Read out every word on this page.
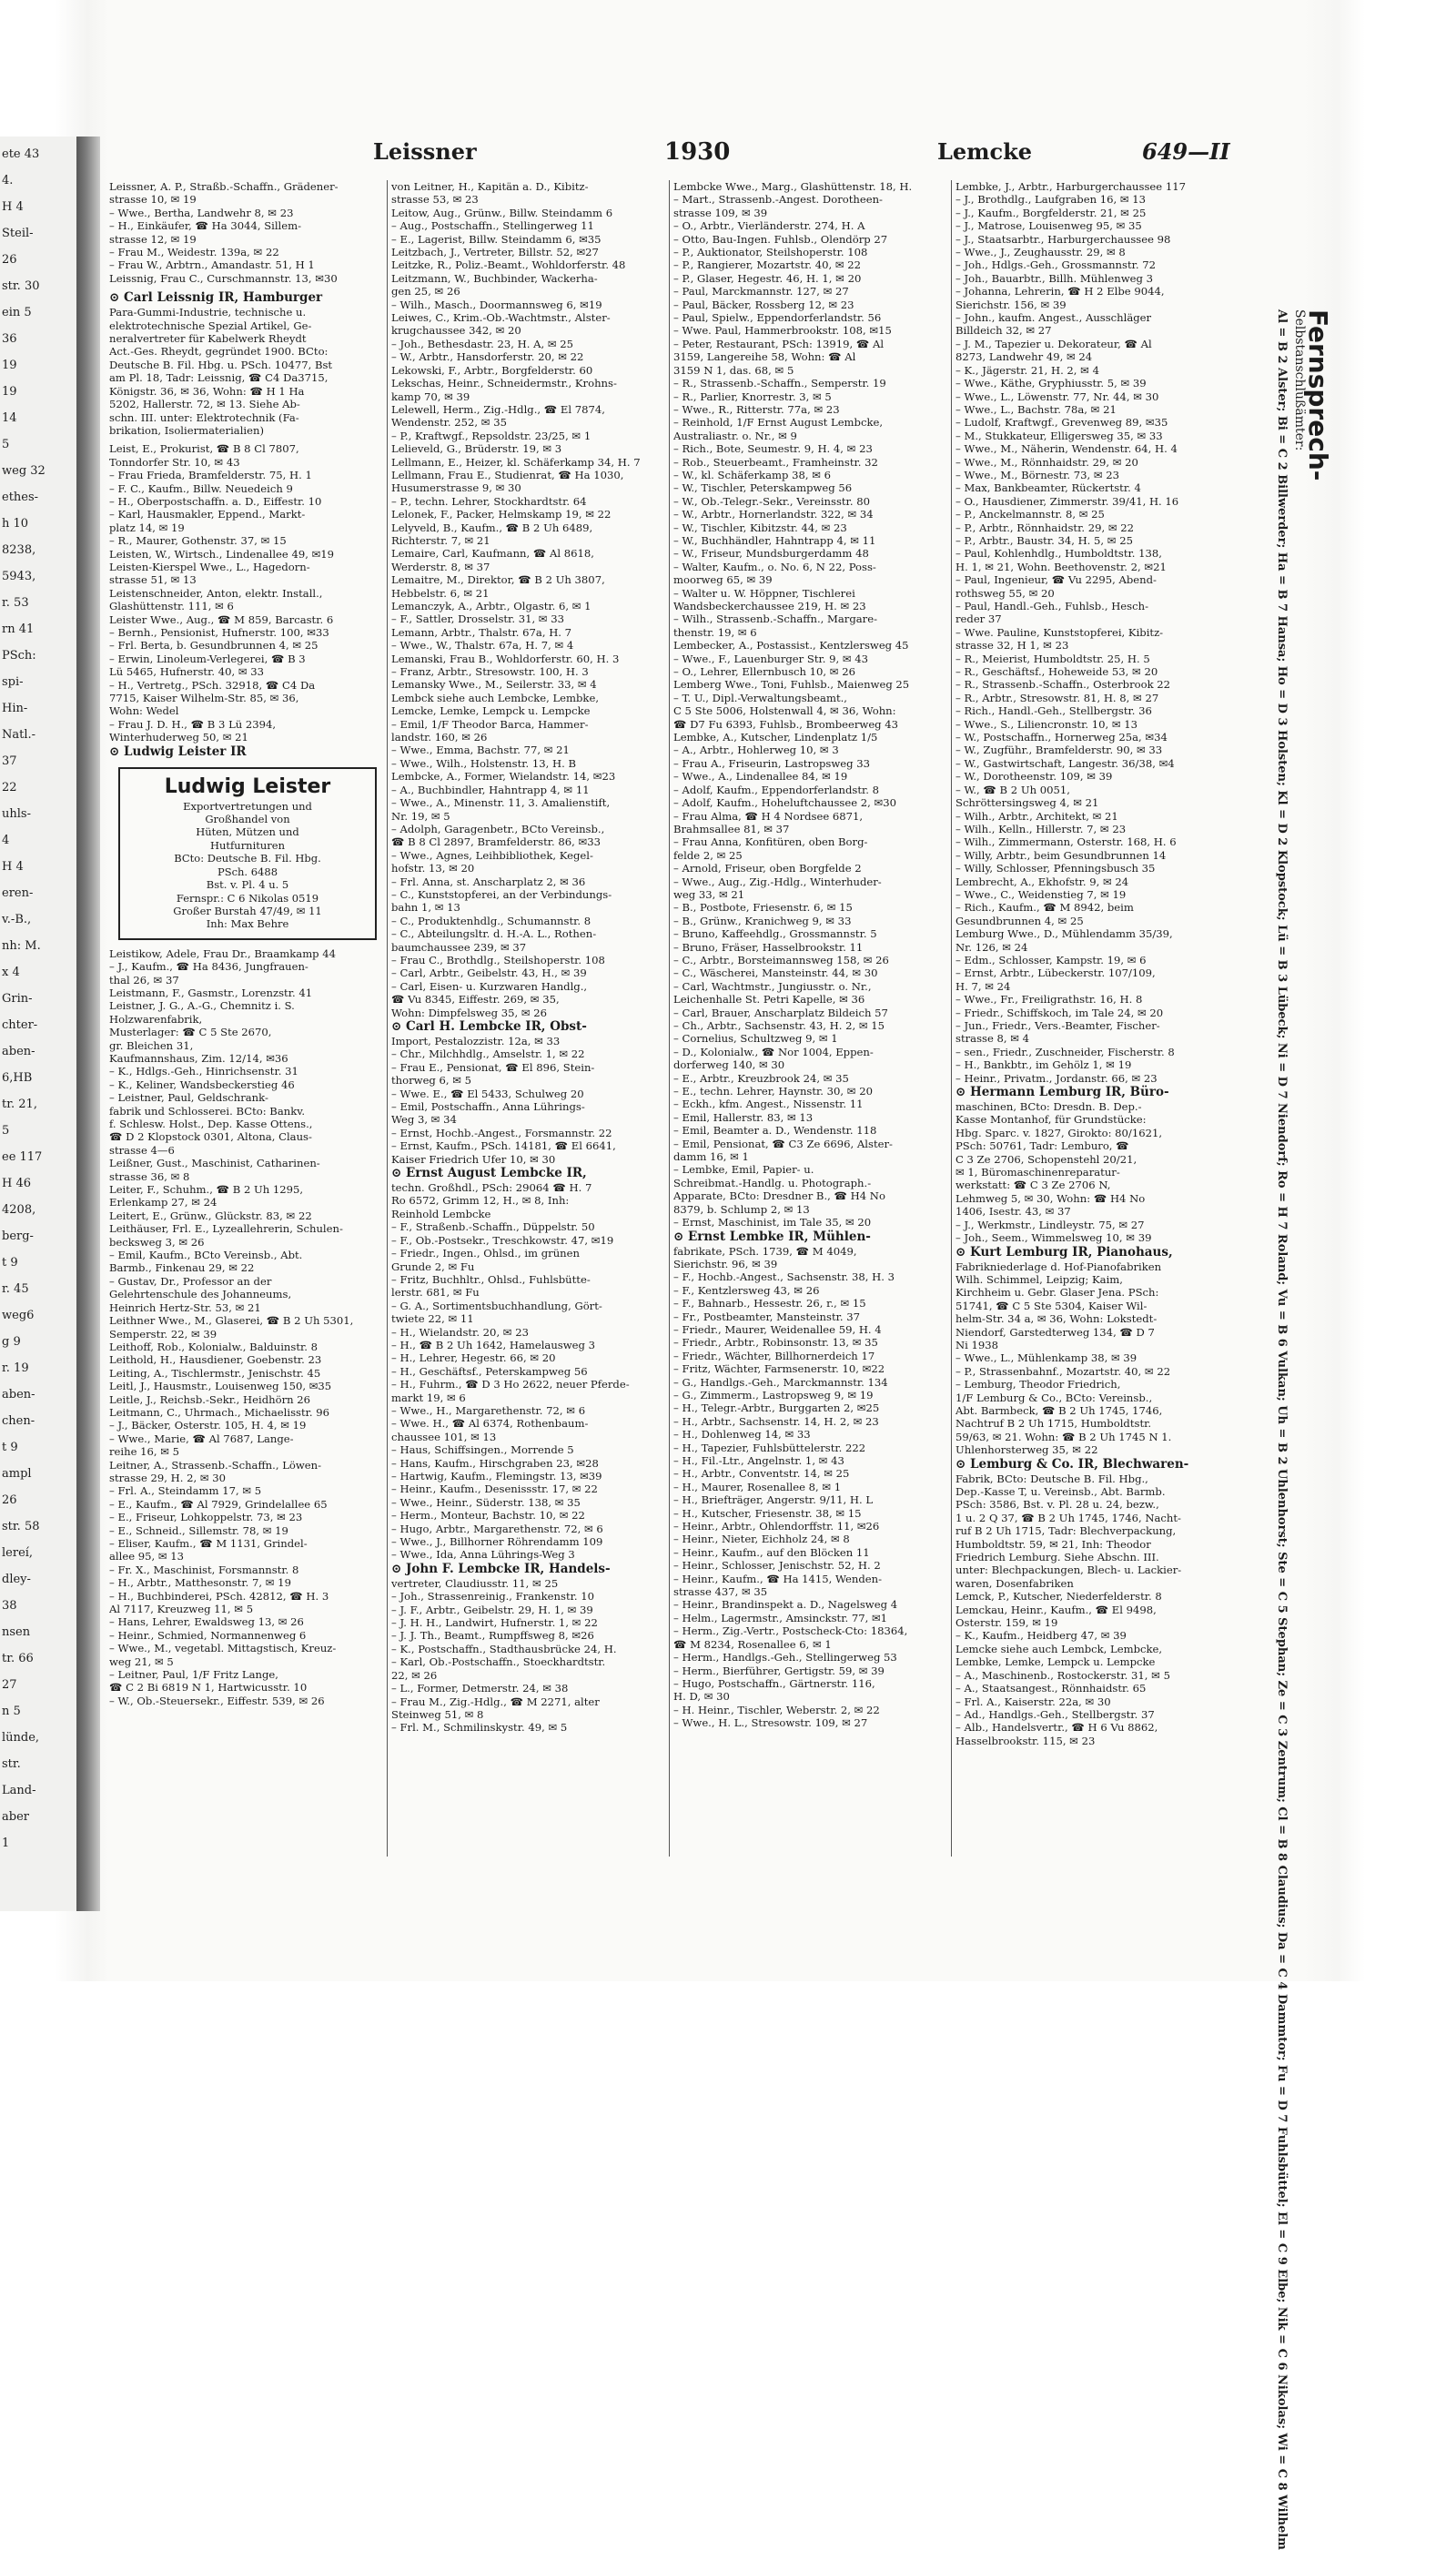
ete 43
4.
H 4
Steil-
26
str. 30
ein 5
36
19
19
14
5
weg 32
ethes-
h 10
8238,
5943,
r. 53
rn 41
PSch:
spi-
Hin-
Natl.-
37
22
uhls-
4
H 4
eren-
v.-B.,
nh: M.
x 4
Grin-
chter-
aben-
6,HB
tr. 21,
5
ee 117
H 46
4208,
berg-
t 9
r. 45
weg6
g 9
r. 19
aben-
chen-
t 9
ampl
26
str. 58
lereí,
dley-
38
nsen
tr. 66
27
n 5
lünde,
str.
Land-
aber
1
Leissner	1930	Lemcke	649—II
Leissner, A. P., Straßb.-Schaffn., Grädener-
strasse 10, ✉ 19
– Wwe., Bertha, Landwehr 8, ✉ 23
– H., Einkäufer, ☎ Ha 3044, Sillem-
strasse 12, ✉ 19
– Frau M., Weidestr. 139a, ✉ 22
– Frau W., Arbtrn., Amandastr. 51, H 1
Leissnig, Frau C., Curschmannstr. 13, ✉30
⊙ Carl Leissnig IR, Hamburger
Para-Gummi-Industrie, technische u.
elektrotechnische Spezial Artikel, Ge-
neralvertreter für Kabelwerk Rheydt
Act.-Ges. Rheydt, gegründet 1900. BCto:
Deutsche B. Fil. Hbg. u. PSch. 10477, Bst
am Pl. 18, Tadr: Leissnig, ☎ C4 Da3715,
Königstr. 36, ✉ 36, Wohn: ☎ H 1 Ha
5202, Hallerstr. 72, ✉ 13. Siehe Ab-
schn. III. unter: Elektrotechnik (Fa-
brikation, Isoliermaterialien)
Leist, E., Prokurist, ☎ B 8 Cl 7807,
Tonndorfer Str. 10, ✉ 43
– Frau Frieda, Bramfelderstr. 75, H. 1
– F. C., Kaufm., Billw. Neuedeich 9
– H., Oberpostschaffn. a. D., Eiffestr. 10
– Karl, Hausmakler, Eppend., Markt-
platz 14, ✉ 19
– R., Maurer, Gothenstr. 37, ✉ 15
Leisten, W., Wirtsch., Lindenallee 49, ✉19
Leisten-Kierspel Wwe., L., Hagedorn-
strasse 51, ✉ 13
Leistenschneider, Anton, elektr. Install.,
Glashüttenstr. 111, ✉ 6
Leister Wwe., Aug., ☎ M 859, Barcastr. 6
– Bernh., Pensionist, Hufnerstr. 100, ✉33
– Frl. Berta, b. Gesundbrunnen 4, ✉ 25
– Erwin, Linoleum-Verlegerei, ☎ B 3
Lü 5465, Hufnerstr. 40, ✉ 33
– H., Vertretg., PSch. 32918, ☎ C4 Da
7715, Kaiser Wilhelm-Str. 85, ✉ 36,
Wohn: Wedel
– Frau J. D. H., ☎ B 3 Lü 2394,
Winterhuderweg 50, ✉ 21
⊙ Ludwig Leister IR
Ludwig Leister
Exportvertretungen und
Großhandel von
Hüten, Mützen und
Hutfurnituren
BCto: Deutsche B. Fil. Hbg.
PSch. 6488
Bst. v. Pl. 4 u. 5
Fernspr.: C 6 Nikolas 0519
Großer Burstah 47/49, ✉ 11
Inh: Max Behre
Leistikow, Adele, Frau Dr., Braamkamp 44
– J., Kaufm., ☎ Ha 8436, Jungfrauen-
thal 26, ✉ 37
Leistmann, F., Gasmstr., Lorenzstr. 41
Leistner, J. G., A.-G., Chemnitz i. S.
Holzwarenfabrik,
Musterlager: ☎ C 5 Ste 2670,
gr. Bleichen 31,
Kaufmannshaus, Zim. 12/14, ✉36
– K., Hdlgs.-Geh., Hinrichsenstr. 31
– K., Keliner, Wandsbeckerstieg 46
– Leistner, Paul, Geldschrank-
fabrik und Schlosserei. BCto: Bankv.
f. Schlesw. Holst., Dep. Kasse Ottens.,
☎ D 2 Klopstock 0301, Altona, Claus-
strasse 4—6
Leißner, Gust., Maschinist, Catharinen-
strasse 36, ✉ 8
Leiter, F., Schuhm., ☎ B 2 Uh 1295,
Erlenkamp 27, ✉ 24
Leitert, E., Grünw., Glückstr. 83, ✉ 22
Leithäuser, Frl. E., Lyzeallehrerin, Schulen-
becksweg 3, ✉ 26
– Emil, Kaufm., BCto Vereinsb., Abt.
Barmb., Finkenau 29, ✉ 22
– Gustav, Dr., Professor an der
Gelehrtenschule des Johanneums,
Heinrich Hertz-Str. 53, ✉ 21
Leithner Wwe., M., Glaserei, ☎ B 2 Uh 5301,
Semperstr. 22, ✉ 39
Leithoff, Rob., Kolonialw., Balduinstr. 8
Leithold, H., Hausdiener, Goebenstr. 23
Leiting, A., Tischlermstr., Jenischstr. 45
Leitl, J., Hausmstr., Louisenweg 150, ✉35
Leitle, J., Reichsb.-Sekr., Heidhörn 26
Leitmann, C., Uhrmach., Michaelisstr. 96
– J., Bäcker, Osterstr. 105, H. 4, ✉ 19
– Wwe., Marie, ☎ Al 7687, Lange-
reihe 16, ✉ 5
Leitner, A., Strassenb.-Schaffn., Löwen-
strasse 29, H. 2, ✉ 30
– Frl. A., Steindamm 17, ✉ 5
– E., Kaufm., ☎ Al 7929, Grindelallee 65
– E., Friseur, Lohkoppelstr. 73, ✉ 23
– E., Schneid., Sillemstr. 78, ✉ 19
– Eliser, Kaufm., ☎ M 1131, Grindel-
allee 95, ✉ 13
– Fr. X., Maschinist, Forsmannstr. 8
– H., Arbtr., Matthesonstr. 7, ✉ 19
– H., Buchbinderei, PSch. 42812, ☎ H. 3
Al 7117, Kreuzweg 11, ✉ 5
– Hans, Lehrer, Ewaldsweg 13, ✉ 26
– Heinr., Schmied, Normannenweg 6
– Wwe., M., vegetabl. Mittagstisch, Kreuz-
weg 21, ✉ 5
– Leitner, Paul, 1/F Fritz Lange,
☎ C 2 Bi 6819 N 1, Hartwicusstr. 10
– W., Ob.-Steuersekr., Eiffestr. 539, ✉ 26
von Leitner, H., Kapitän a. D., Kibitz-
strasse 53, ✉ 23
Leitow, Aug., Grünw., Billw. Steindamm 6
– Aug., Postschaffn., Stellingerweg 11
– E., Lagerist, Billw. Steindamm 6, ✉35
Leitzbach, J., Vertreter, Billstr. 52, ✉27
Leitzke, R., Poliz.-Beamt., Wohldorferstr. 48
Leitzmann, W., Buchbinder, Wackerha-
gen 25, ✉ 26
– Wilh., Masch., Doormannsweg 6, ✉19
Leiwes, C., Krim.-Ob.-Wachtmstr., Alster-
krugchaussee 342, ✉ 20
– Joh., Bethesdastr. 23, H. A, ✉ 25
– W., Arbtr., Hansdorferstr. 20, ✉ 22
Lekowski, F., Arbtr., Borgfelderstr. 60
Lekschas, Heinr., Schneidermstr., Krohns-
kamp 70, ✉ 39
Lelewell, Herm., Zig.-Hdlg., ☎ El 7874,
Wendenstr. 252, ✉ 35
– P., Kraftwgf., Repsoldstr. 23/25, ✉ 1
Lelieveld, G., Brüderstr. 19, ✉ 3
Lellmann, E., Heizer, kl. Schäferkamp 34, H. 7
Lellmann, Frau E., Studienrat, ☎ Ha 1030,
Husumerstrasse 9, ✉ 30
– P., techn. Lehrer, Stockhardtstr. 64
Lelonek, F., Packer, Helmskamp 19, ✉ 22
Lelyveld, B., Kaufm., ☎ B 2 Uh 6489,
Richterstr. 7, ✉ 21
Lemaire, Carl, Kaufmann, ☎ Al 8618,
Werderstr. 8, ✉ 37
Lemaitre, M., Direktor, ☎ B 2 Uh 3807,
Hebbelstr. 6, ✉ 21
Lemanczyk, A., Arbtr., Olgastr. 6, ✉ 1
– F., Sattler, Drosselstr. 31, ✉ 33
Lemann, Arbtr., Thalstr. 67a, H. 7
– Wwe., W., Thalstr. 67a, H. 7, ✉ 4
Lemanski, Frau B., Wohldorferstr. 60, H. 3
– Franz, Arbtr., Stresowstr. 100, H. 3
Lemansky Wwe., M., Seilerstr. 33, ✉ 4
Lembck siehe auch Lembcke, Lembke,
Lemcke, Lemke, Lempck u. Lempcke
– Emil, 1/F Theodor Barca, Hammer-
landstr. 160, ✉ 26
– Wwe., Emma, Bachstr. 77, ✉ 21
– Wwe., Wilh., Holstenstr. 13, H. B
Lembcke, A., Former, Wielandstr. 14, ✉23
– A., Buchbindler, Hahntrapp 4, ✉ 11
– Wwe., A., Minenstr. 11, 3. Amalienstift,
Nr. 19, ✉ 5
– Adolph, Garagenbetr., BCto Vereinsb.,
☎ B 8 Cl 2897, Bramfelderstr. 86, ✉33
– Wwe., Agnes, Leihbibliothek, Kegel-
hofstr. 13, ✉ 20
– Frl. Anna, st. Anscharplatz 2, ✉ 36
– C., Kunststopferei, an der Verbindungs-
bahn 1, ✉ 13
– C., Produktenhdlg., Schumannstr. 8
– C., Abteilungsltr. d. H.-A. L., Rothen-
baumchaussee 239, ✉ 37
– Frau C., Brothdlg., Steilshoperstr. 108
– Carl, Arbtr., Geibelstr. 43, H., ✉ 39
– Carl, Eisen- u. Kurzwaren Handlg.,
☎ Vu 8345, Eiffestr. 269, ✉ 35,
Wohn: Dimpfelsweg 35, ✉ 26
⊙ Carl H. Lembcke IR, Obst-
Import, Pestalozzistr. 12a, ✉ 33
– Chr., Milchhdlg., Amselstr. 1, ✉ 22
– Frau E., Pensionat, ☎ El 896, Stein-
thorweg 6, ✉ 5
– Wwe. E., ☎ El 5433, Schulweg 20
– Emil, Postschaffn., Anna Lührings-
Weg 3, ✉ 34
– Ernst, Hochb.-Angest., Forsmannstr. 22
– Ernst, Kaufm., PSch. 14181, ☎ El 6641,
Kaiser Friedrich Ufer 10, ✉ 30
⊙ Ernst August Lembcke IR,
techn. Großhdl., PSch: 29064 ☎ H. 7
Ro 6572, Grimm 12, H., ✉ 8, Inh:
Reinhold Lembcke
– F., Straßenb.-Schaffn., Düppelstr. 50
– F., Ob.-Postsekr., Treschkowstr. 47, ✉19
– Friedr., Ingen., Ohlsd., im grünen
Grunde 2, ✉ Fu
– Fritz, Buchhltr., Ohlsd., Fuhlsbütte-
lerstr. 681, ✉ Fu
– G. A., Sortimentsbuchhandlung, Gört-
twiete 22, ✉ 11
– H., Wielandstr. 20, ✉ 23
– H., ☎ B 2 Uh 1642, Hamelausweg 3
– H., Lehrer, Hegestr. 66, ✉ 20
– H., Geschäftsf., Peterskampweg 56
– H., Fuhrm., ☎ D 3 Ho 2622, neuer Pferde-
markt 19, ✉ 6
– Wwe., H., Margarethenstr. 72, ✉ 6
– Wwe. H., ☎ Al 6374, Rothenbaum-
chaussee 101, ✉ 13
– Haus, Schiffsingen., Morrende 5
– Hans, Kaufm., Hirschgraben 23, ✉28
– Hartwig, Kaufm., Flemingstr. 13, ✉39
– Heinr., Kaufm., Desenissstr. 17, ✉ 22
– Wwe., Heinr., Süderstr. 138, ✉ 35
– Herm., Monteur, Bachstr. 10, ✉ 22
– Hugo, Arbtr., Margarethenstr. 72, ✉ 6
– Wwe., J., Billhorner Röhrendamm 109
– Wwe., Ida, Anna Lührings-Weg 3
⊙ John F. Lembcke IR, Handels-
vertreter, Claudiusstr. 11, ✉ 25
– Joh., Strassenreinig., Frankenstr. 10
– J. F., Arbtr., Geibelstr. 29, H. 1, ✉ 39
– J. H. H., Landwirt, Hufnerstr. 1, ✉ 22
– J. J. Th., Beamt., Rumpffsweg 8, ✉26
– K., Postschaffn., Stadthausbrücke 24, H.
– Karl, Ob.-Postschaffn., Stoeckhardtstr.
22, ✉ 26
– L., Former, Detmerstr. 24, ✉ 38
– Frau M., Zig.-Hdlg., ☎ M 2271, alter
Steinweg 51, ✉ 8
– Frl. M., Schmilinskystr. 49, ✉ 5
Lembcke Wwe., Marg., Glashüttenstr. 18, H.
– Mart., Strassenb.-Angest. Dorotheen-
strasse 109, ✉ 39
– O., Arbtr., Vierländerstr. 274, H. A
– Otto, Bau-Ingen. Fuhlsb., Olendörp 27
– P., Auktionator, Steilshoperstr. 108
– P., Rangierer, Mozartstr. 40, ✉ 22
– P., Glaser, Hegestr. 46, H. 1, ✉ 20
– Paul, Marckmannstr. 127, ✉ 27
– Paul, Bäcker, Rossberg 12, ✉ 23
– Paul, Spielw., Eppendorferlandstr. 56
– Wwe. Paul, Hammerbrookstr. 108, ✉15
– Peter, Restaurant, PSch: 13919, ☎ Al
3159, Langereihe 58, Wohn: ☎ Al
3159 N 1, das. 68, ✉ 5
– R., Strassenb.-Schaffn., Semperstr. 19
– R., Parlier, Knorrestr. 3, ✉ 5
– Wwe., R., Ritterstr. 77a, ✉ 23
– Reinhold, 1/F Ernst August Lembcke,
Australiastr. o. Nr., ✉ 9
– Rich., Bote, Seumestr. 9, H. 4, ✉ 23
– Rob., Steuerbeamt., Framheinstr. 32
– W., kl. Schäferkamp 38, ✉ 6
– W., Tischler, Peterskampweg 56
– W., Ob.-Telegr.-Sekr., Vereinsstr. 80
– W., Arbtr., Hornerlandstr. 322, ✉ 34
– W., Tischler, Kibitzstr. 44, ✉ 23
– W., Buchhändler, Hahntrapp 4, ✉ 11
– W., Friseur, Mundsburgerdamm 48
– Walter, Kaufm., o. No. 6, N 22, Poss-
moorweg 65, ✉ 39
– Walter u. W. Höppner, Tischlerei
Wandsbeckerchaussee 219, H. ✉ 23
– Wilh., Strassenb.-Schaffn., Margare-
thenstr. 19, ✉ 6
Lembecker, A., Postassist., Kentzlersweg 45
– Wwe., F., Lauenburger Str. 9, ✉ 43
– O., Lehrer, Ellernbusch 10, ✉ 26
Lemberg Wwe., Toni, Fuhlsb., Maienweg 25
– T. U., Dipl.-Verwaltungsbeamt.,
C 5 Ste 5006, Holstenwall 4, ✉ 36, Wohn:
☎ D7 Fu 6393, Fuhlsb., Brombeerweg 43
Lembke, A., Kutscher, Lindenplatz 1/5
– A., Arbtr., Hohlerweg 10, ✉ 3
– Frau A., Friseurin, Lastropsweg 33
– Wwe., A., Lindenallee 84, ✉ 19
– Adolf, Kaufm., Eppendorferlandstr. 8
– Adolf, Kaufm., Hoheluftchaussee 2, ✉30
– Frau Alma, ☎ H 4 Nordsee 6871,
Brahmsallee 81, ✉ 37
– Frau Anna, Konfitüren, oben Borg-
felde 2, ✉ 25
– Arnold, Friseur, oben Borgfelde 2
– Wwe., Aug., Zig.-Hdlg., Winterhuder-
weg 33, ✉ 21
– B., Postbote, Friesenstr. 6, ✉ 15
– B., Grünw., Kranichweg 9, ✉ 33
– Bruno, Kaffeehdlg., Grossmannstr. 5
– Bruno, Fräser, Hasselbrookstr. 11
– C., Arbtr., Borsteimannsweg 158, ✉ 26
– C., Wäscherei, Mansteinstr. 44, ✉ 30
– Carl, Wachtmstr., Jungiusstr. o. Nr.,
Leichenhalle St. Petri Kapelle, ✉ 36
– Carl, Brauer, Anscharplatz Bildeich 57
– Ch., Arbtr., Sachsenstr. 43, H. 2, ✉ 15
– Cornelius, Schultzweg 9, ✉ 1
– D., Kolonialw., ☎ Nor 1004, Eppen-
dorferweg 140, ✉ 30
– E., Arbtr., Kreuzbrook 24, ✉ 35
– E., techn. Lehrer, Haynstr. 30, ✉ 20
– Eckh., kfm. Angest., Nissenstr. 11
– Emil, Hallerstr. 83, ✉ 13
– Emil, Beamter a. D., Wendenstr. 118
– Emil, Pensionat, ☎ C3 Ze 6696, Alster-
damm 16, ✉ 1
– Lembke, Emil, Papier- u.
Schreibmat.-Handlg. u. Photograph.-
Apparate, BCto: Dresdner B., ☎ H4 No
8379, b. Schlump 2, ✉ 13
– Ernst, Maschinist, im Tale 35, ✉ 20
⊙ Ernst Lembke IR, Mühlen-
fabrikate, PSch. 1739, ☎ M 4049,
Sierichstr. 96, ✉ 39
– F., Hochb.-Angest., Sachsenstr. 38, H. 3
– F., Kentzlersweg 43, ✉ 26
– F., Bahnarb., Hessestr. 26, r., ✉ 15
– Fr., Postbeamter, Mansteinstr. 37
– Friedr., Maurer, Weidenallee 59, H. 4
– Friedr., Arbtr., Robinsonstr. 13, ✉ 35
– Friedr., Wächter, Billhornerdeich 17
– Fritz, Wächter, Farmsenerstr. 10, ✉22
– G., Handlgs.-Geh., Marckmannstr. 134
– G., Zimmerm., Lastropsweg 9, ✉ 19
– H., Telegr.-Arbtr., Burggarten 2, ✉25
– H., Arbtr., Sachsenstr. 14, H. 2, ✉ 23
– H., Dohlenweg 14, ✉ 33
– H., Tapezier, Fuhlsbüttelerstr. 222
– H., Fil.-Ltr., Angelnstr. 1, ✉ 43
– H., Arbtr., Conventstr. 14, ✉ 25
– H., Maurer, Rosenallee 8, ✉ 1
– H., Briefträger, Angerstr. 9/11, H. L
– H., Kutscher, Friesenstr. 38, ✉ 15
– Heinr., Arbtr., Ohlendorffstr. 11, ✉26
– Heinr., Nieter, Eichholz 24, ✉ 8
– Heinr., Kaufm., auf den Blöcken 11
– Heinr., Schlosser, Jenischstr. 52, H. 2
– Heinr., Kaufm., ☎ Ha 1415, Wenden-
strasse 437, ✉ 35
– Heinr., Brandinspekt a. D., Nagelsweg 4
– Helm., Lagermstr., Amsinckstr. 77, ✉1
– Herm., Zig.-Vertr., Postscheck-Cto: 18364,
☎ M 8234, Rosenallee 6, ✉ 1
– Herm., Handlgs.-Geh., Stellingerweg 53
– Herm., Bierführer, Gertigstr. 59, ✉ 39
– Hugo, Postschaffn., Gärtnerstr. 116,
H. D, ✉ 30
– H. Heinr., Tischler, Weberstr. 2, ✉ 22
– Wwe., H. L., Stresowstr. 109, ✉ 27
Lembke, J., Arbtr., Harburgerchaussee 117
– J., Brothdlg., Laufgraben 16, ✉ 13
– J., Kaufm., Borgfelderstr. 21, ✉ 25
– J., Matrose, Louisenweg 95, ✉ 35
– J., Staatsarbtr., Harburgerchaussee 98
– Wwe., J., Zeughausstr. 29, ✉ 8
– Joh., Hdlgs.-Geh., Grossmannstr. 72
– Joh., Bauarbtr., Billh. Mühlenweg 3
– Johanna, Lehrerin, ☎ H 2 Elbe 9044,
Sierichstr. 156, ✉ 39
– John., kaufm. Angest., Ausschläger
Billdeich 32, ✉ 27
– J. M., Tapezier u. Dekorateur, ☎ Al
8273, Landwehr 49, ✉ 24
– K., Jägerstr. 21, H. 2, ✉ 4
– Wwe., Käthe, Gryphiusstr. 5, ✉ 39
– Wwe., L., Löwenstr. 77, Nr. 44, ✉ 30
– Wwe., L., Bachstr. 78a, ✉ 21
– Ludolf, Kraftwgf., Grevenweg 89, ✉35
– M., Stukkateur, Elligersweg 35, ✉ 33
– Wwe., M., Näherin, Wendenstr. 64, H. 4
– Wwe., M., Rönnhaidstr. 29, ✉ 20
– Wwe., M., Börnestr. 73, ✉ 23
– Max, Bankbeamter, Rückertstr. 4
– O., Hausdiener, Zimmerstr. 39/41, H. 16
– P., Anckelmannstr. 8, ✉ 25
– P., Arbtr., Rönnhaidstr. 29, ✉ 22
– P., Arbtr., Baustr. 34, H. 5, ✉ 25
– Paul, Kohlenhdlg., Humboldtstr. 138,
H. 1, ✉ 21, Wohn. Beethovenstr. 2, ✉21
– Paul, Ingenieur, ☎ Vu 2295, Abend-
rothsweg 55, ✉ 20
– Paul, Handl.-Geh., Fuhlsb., Hesch-
reder 37
– Wwe. Pauline, Kunststopferei, Kibitz-
strasse 32, H 1, ✉ 23
– R., Meierist, Humboldtstr. 25, H. 5
– R., Geschäftsf., Hoheweide 53, ✉ 20
– R., Strassenb.-Schaffn., Osterbrook 22
– R., Arbtr., Stresowstr. 81, H. 8, ✉ 27
– Rich., Handl.-Geh., Stellbergstr. 36
– Wwe., S., Liliencronstr. 10, ✉ 13
– W., Postschaffn., Hornerweg 25a, ✉34
– W., Zugführ., Bramfelderstr. 90, ✉ 33
– W., Gastwirtschaft, Langestr. 36/38, ✉4
– W., Dorotheenstr. 109, ✉ 39
– W., ☎ B 2 Uh 0051,
Schröttersingsweg 4, ✉ 21
– Wilh., Arbtr., Architekt, ✉ 21
– Wilh., Kelln., Hillerstr. 7, ✉ 23
– Wilh., Zimmermann, Osterstr. 168, H. 6
– Willy, Arbtr., beim Gesundbrunnen 14
– Willy, Schlosser, Pfenningsbusch 35
Lembrecht, A., Ekhofstr. 9, ✉ 24
– Wwe., C., Weidenstieg 7, ✉ 19
– Rich., Kaufm., ☎ M 8942, beim
Gesundbrunnen 4, ✉ 25
Lemburg Wwe., D., Mühlendamm 35/39,
Nr. 126, ✉ 24
– Edm., Schlosser, Kampstr. 19, ✉ 6
– Ernst, Arbtr., Lübeckerstr. 107/109,
H. 7, ✉ 24
– Wwe., Fr., Freiligrathstr. 16, H. 8
– Friedr., Schiffskoch, im Tale 24, ✉ 20
– Jun., Friedr., Vers.-Beamter, Fischer-
strasse 8, ✉ 4
– sen., Friedr., Zuschneider, Fischerstr. 8
– H., Bankbtr., im Gehölz 1, ✉ 19
– Heinr., Privatm., Jordanstr. 66, ✉ 23
⊙ Hermann Lemburg IR, Büro-
maschinen, BCto: Dresdn. B. Dep.-
Kasse Montanhof, für Grundstücke:
Hbg. Sparc. v. 1827, Girokto: 80/1621,
PSch: 50761, Tadr: Lemburo, ☎
C 3 Ze 2706, Schopenstehl 20/21,
✉ 1, Büromaschinenreparatur-
werkstatt: ☎ C 3 Ze 2706 N,
Lehmweg 5, ✉ 30, Wohn: ☎ H4 No
1406, Isestr. 43, ✉ 37
– J., Werkmstr., Lindleystr. 75, ✉ 27
– Joh., Seem., Wimmelsweg 10, ✉ 39
⊙ Kurt Lemburg IR, Pianohaus,
Fabrikniederlage d. Hof-Pianofabriken
Wilh. Schimmel, Leipzig; Kaim,
Kirchheim u. Gebr. Glaser Jena. PSch:
51741, ☎ C 5 Ste 5304, Kaiser Wil-
helm-Str. 34 a, ✉ 36, Wohn: Lokstedt-
Niendorf, Garstedterweg 134, ☎ D 7
Ni 1938
– Wwe., L., Mühlenkamp 38, ✉ 39
– P., Strassenbahnf., Mozartstr. 40, ✉ 22
– Lemburg, Theodor Friedrich,
1/F Lemburg & Co., BCto: Vereinsb.,
Abt. Barmbeck, ☎ B 2 Uh 1745, 1746,
Nachtruf B 2 Uh 1715, Humboldtstr.
59/63, ✉ 21. Wohn: ☎ B 2 Uh 1745 N 1.
Uhlenhorsterweg 35, ✉ 22
⊙ Lemburg & Co. IR, Blechwaren-
Fabrik, BCto: Deutsche B. Fil. Hbg.,
Dep.-Kasse T, u. Vereinsb., Abt. Barmb.
PSch: 3586, Bst. v. Pl. 28 u. 24, bezw.,
1 u. 2 Q 37, ☎ B 2 Uh 1745, 1746, Nacht-
ruf B 2 Uh 1715, Tadr: Blechverpackung,
Humboldtstr. 59, ✉ 21, Inh: Theodor
Friedrich Lemburg. Siehe Abschn. III.
unter: Blechpackungen, Blech- u. Lackier-
waren, Dosenfabriken
Lemck, P., Kutscher, Niederfelderstr. 8
Lemckau, Heinr., Kaufm., ☎ El 9498,
Osterstr. 159, ✉ 19
– K., Kaufm., Heidberg 47, ✉ 39
Lemcke siehe auch Lembck, Lembcke,
Lembke, Lemke, Lempck u. Lempcke
– A., Maschinenb., Rostockerstr. 31, ✉ 5
– A., Staatsangest., Rönnhaidstr. 65
– Frl. A., Kaiserstr. 22a, ✉ 30
– Ad., Handlgs.-Geh., Stellbergstr. 37
– Alb., Handelsvertr., ☎ H 6 Vu 8862,
Hasselbrookstr. 115, ✉ 23
Fernsprech-
Selbstanschlußämter:
Al = B 2 Alster; Bi = C 2 Billwerder; Ha = B 7 Hansa; Ho = D 3 Holsten; Kl = D 2 Klopstock; Lü = B 3 Lübeck; Ni = D 7 Niendorf; Ro = H 7 Roland; Vu = B 6 Vulkan; Uh = B 2 Uhlenhorst; Ste = C 5 Stephan; Ze = C 3 Zentrum; Cl = B 8 Claudius; Da = C 4 Dammtor; Fu = D 7 Fuhlsbüttel; El = C 9 Elbe; Nik = C 6 Nikolas; Wi = C 8 Wilhelm
